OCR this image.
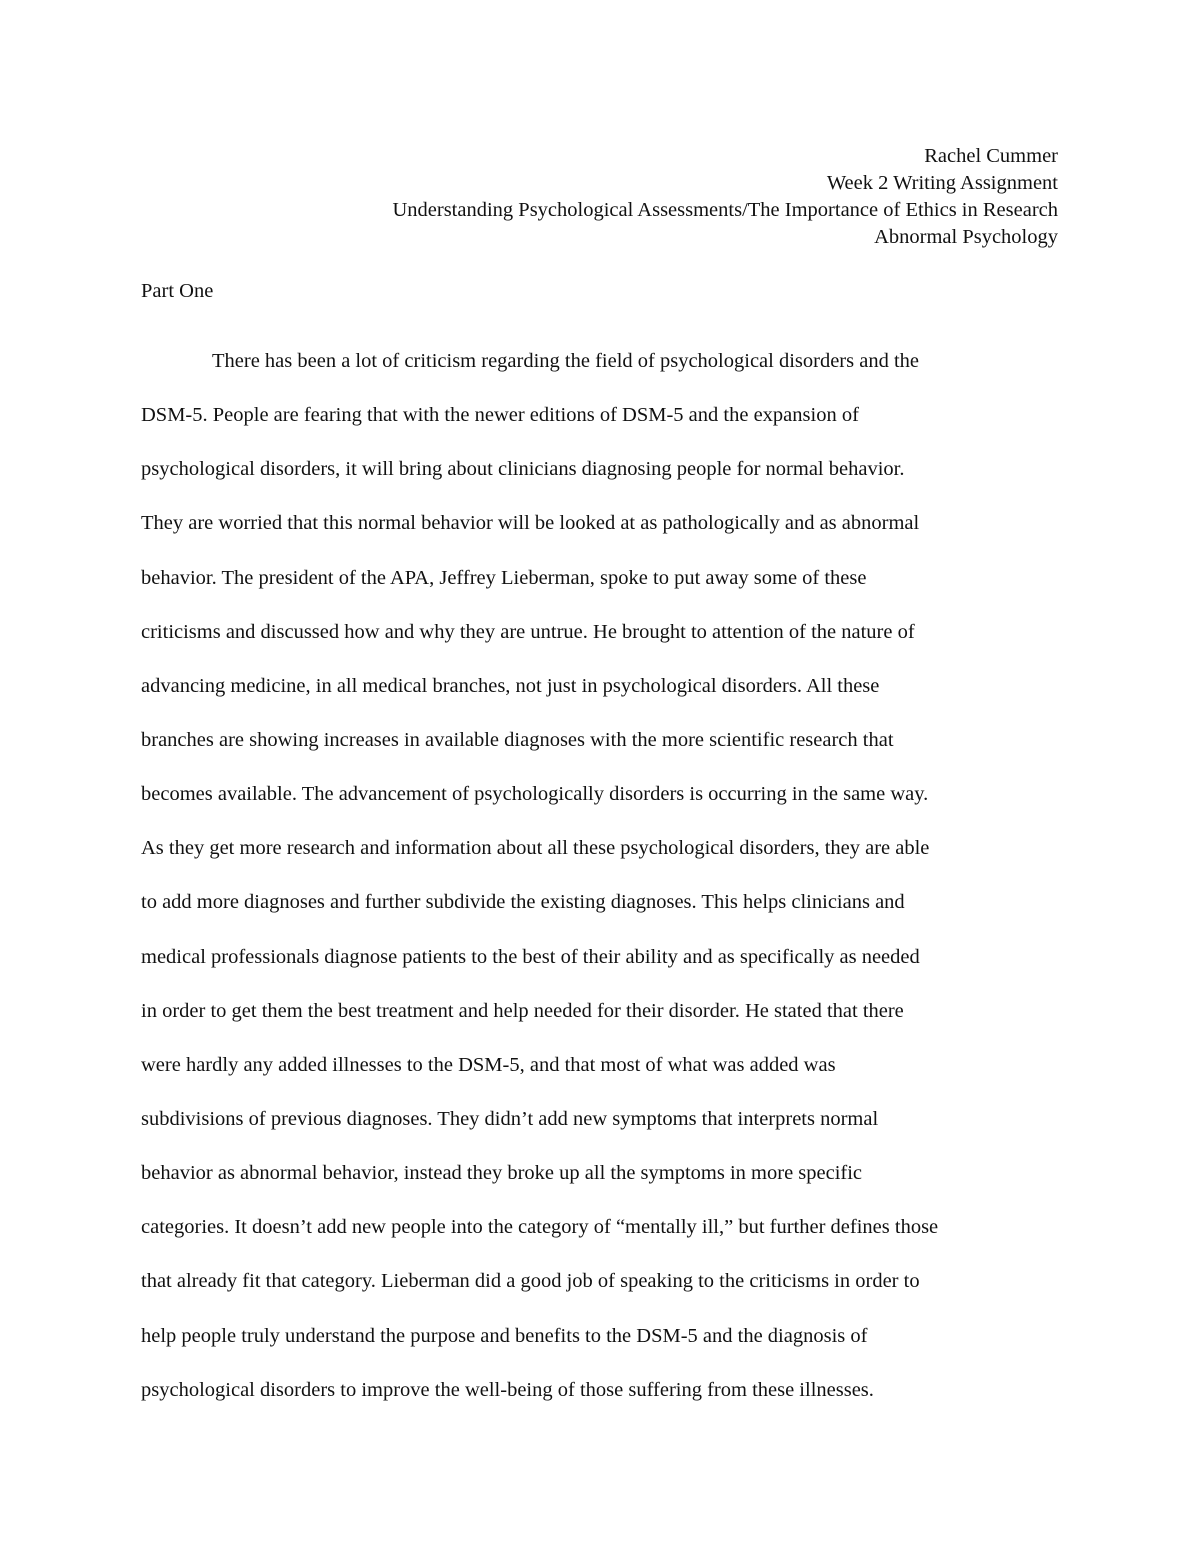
Rachel Cummer
Week 2 Writing Assignment
Understanding Psychological Assessments/The Importance of Ethics in Research
Abnormal Psychology
Part One
There has been a lot of criticism regarding the field of psychological disorders and the
DSM-5. People are fearing that with the newer editions of DSM-5 and the expansion of
psychological disorders, it will bring about clinicians diagnosing people for normal behavior.
They are worried that this normal behavior will be looked at as pathologically and as abnormal
behavior. The president of the APA, Jeffrey Lieberman, spoke to put away some of these
criticisms and discussed how and why they are untrue. He brought to attention of the nature of
advancing medicine, in all medical branches, not just in psychological disorders. All these
branches are showing increases in available diagnoses with the more scientific research that
becomes available. The advancement of psychologically disorders is occurring in the same way.
As they get more research and information about all these psychological disorders, they are able
to add more diagnoses and further subdivide the existing diagnoses. This helps clinicians and
medical professionals diagnose patients to the best of their ability and as specifically as needed
in order to get them the best treatment and help needed for their disorder. He stated that there
were hardly any added illnesses to the DSM-5, and that most of what was added was
subdivisions of previous diagnoses. They didn’t add new symptoms that interprets normal
behavior as abnormal behavior, instead they broke up all the symptoms in more specific
categories. It doesn’t add new people into the category of “mentally ill,” but further defines those
that already fit that category. Lieberman did a good job of speaking to the criticisms in order to
help people truly understand the purpose and benefits to the DSM-5 and the diagnosis of
psychological disorders to improve the well-being of those suffering from these illnesses.
